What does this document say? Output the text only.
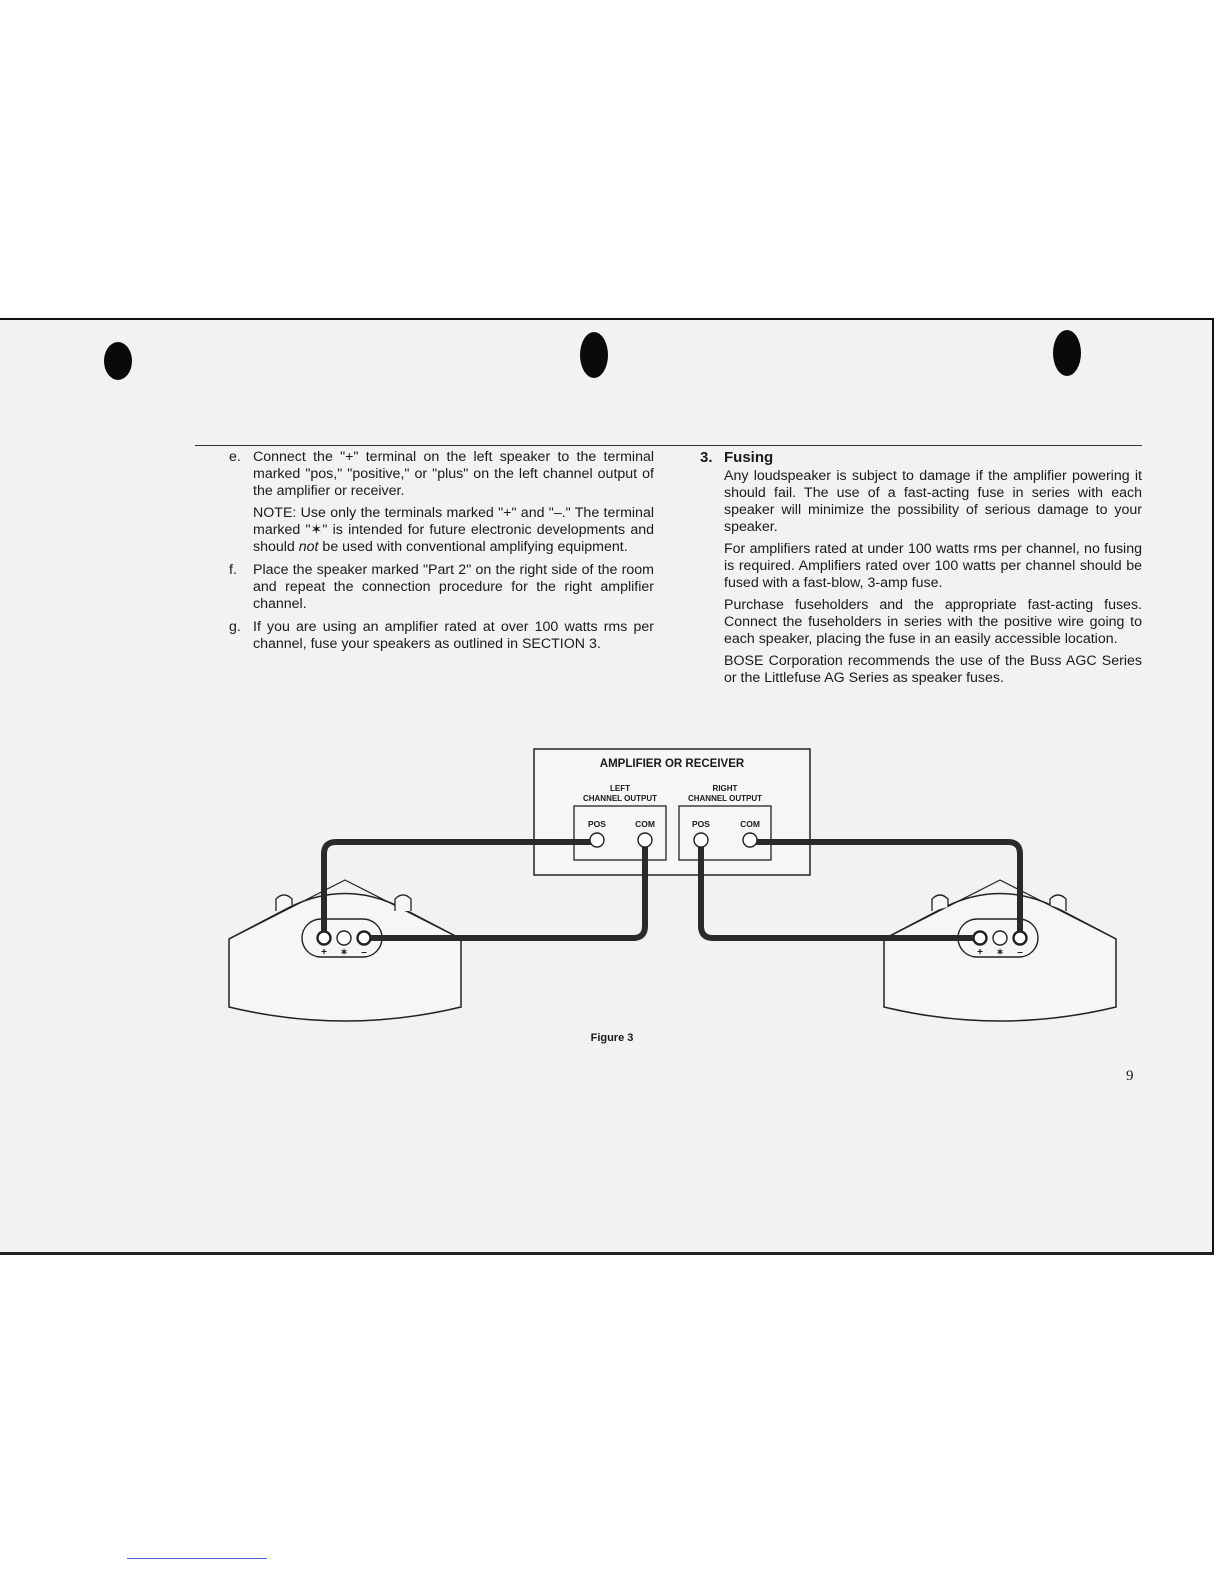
e. Connect the "+" terminal on the left speaker to the terminal marked "pos," "positive," or "plus" on the left channel output of the amplifier or receiver.

NOTE: Use only the terminals marked "+" and "–." The terminal marked "✶" is intended for future electronic developments and should not be used with conventional amplifying equipment.

f. Place the speaker marked "Part 2" on the right side of the room and repeat the connection procedure for the right amplifier channel.

g. If you are using an amplifier rated at over 100 watts rms per channel, fuse your speakers as outlined in SECTION 3.

3. Fusing

Any loudspeaker is subject to damage if the amplifier powering it should fail. The use of a fast-acting fuse in series with each speaker will minimize the possibility of serious damage to your speaker.

For amplifiers rated at under 100 watts rms per channel, no fusing is required. Amplifiers rated over 100 watts per channel should be fused with a fast-blow, 3-amp fuse.

Purchase fuseholders and the appropriate fast-acting fuses. Connect the fuseholders in series with the positive wire going to each speaker, placing the fuse in an easily accessible location.

BOSE Corporation recommends the use of the Buss AGC Series or the Littlefuse AG Series as speaker fuses.

AMPLIFIER OR RECEIVER
LEFT
CHANNEL OUTPUT
RIGHT
CHANNEL OUTPUT
POS	COM	POS	COM
+ ✶ –	+ ✶ –
Figure 3
9
